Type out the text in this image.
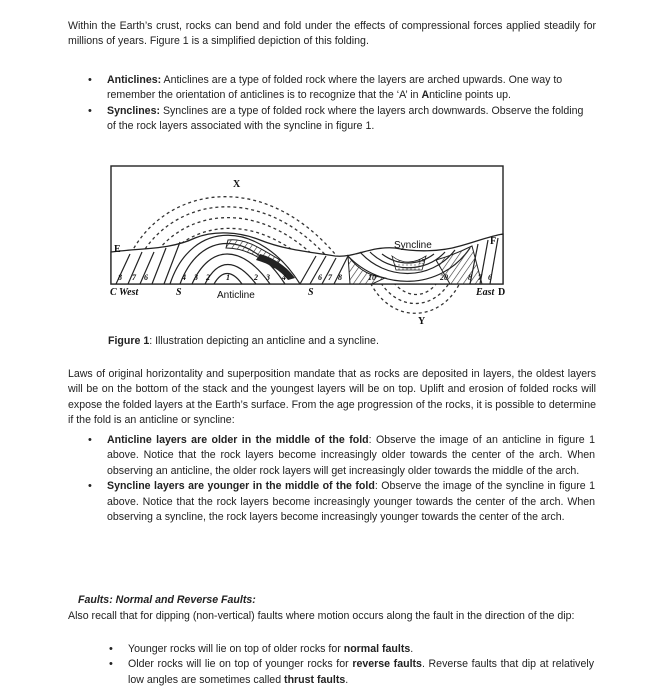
Within the Earth’s crust, rocks can bend and fold under the effects of compressional forces applied steadily for millions of years. Figure 1 is a simplified depiction of this folding.

• Anticlines: Anticlines are a type of folded rock where the layers are arched upwards. One way to remember the orientation of anticlines is to recognize that the ‘A’ in Anticline points up.
• Synclines: Synclines are a type of folded rock where the layers arch downwards. Observe the folding of the rock layers associated with the syncline in figure 1.
E
F
X
Y
C West	East D
S	S
13
Syncline
Anticline
8 7 6	4 3 2 1	2 3 4	6 7 8	10	20	8 7 6
Figure 1: Illustration depicting an anticline and a syncline.

Laws of original horizontality and superposition mandate that as rocks are deposited in layers, the oldest layers will be on the bottom of the stack and the youngest layers will be on top. Uplift and erosion of folded rocks will expose the folded layers at the Earth’s surface. From the age progression of the rocks, it is possible to determine if the fold is an anticline or syncline:

• Anticline layers are older in the middle of the fold: Observe the image of an anticline in figure 1 above. Notice that the rock layers become increasingly older towards the center of the arch. When observing an anticline, the older rock layers will get increasingly older towards the middle of the arch.
• Syncline layers are younger in the middle of the fold: Observe the image of the syncline in figure 1 above. Notice that the rock layers become increasingly younger towards the center of the arch. When observing a syncline, the rock layers become increasingly younger towards the center of the arch.
Faults: Normal and Reverse Faults:

Also recall that for dipping (non-vertical) faults where motion occurs along the fault in the direction of the dip:

• Younger rocks will lie on top of older rocks for normal faults.
• Older rocks will lie on top of younger rocks for reverse faults. Reverse faults that dip at relatively low angles are sometimes called thrust faults.
